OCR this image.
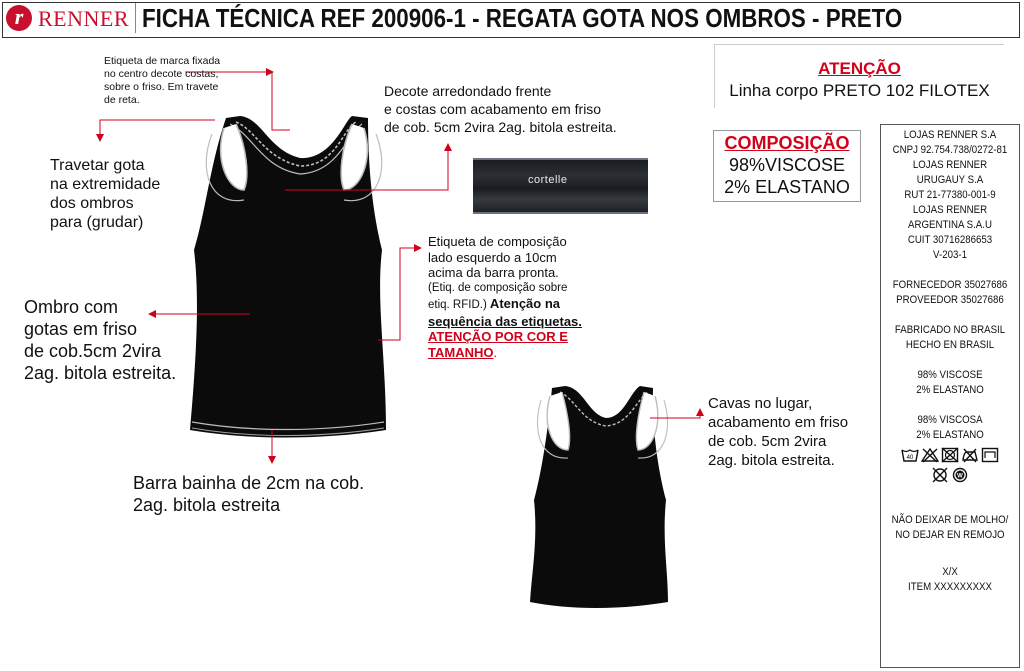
r RENNER FICHA TÉCNICA REF 200906-1 - REGATA GOTA NOS OMBROS - PRETO
Etiqueta de marca fixada
no centro decote costas,
sobre o friso. Em travete
de reta.
Decote arredondado frente
e costas com acabamento em friso
de cob. 5cm 2vira 2ag. bitola estreita.
Travetar gota
na extremidade
dos ombros
para (grudar)
Etiqueta de composição
lado esquerdo a 10cm
acima da barra pronta.
(Etiq. de composição sobre
etiq. RFID.) Atenção na
sequência das etiquetas.
ATENÇÃO POR COR E
TAMANHO.
Ombro com
gotas em friso
de cob.5cm 2vira
2ag. bitola estreita.
Barra bainha de 2cm na cob.
2ag. bitola estreita
Cavas no lugar,
acabamento em friso
de cob. 5cm 2vira
2ag. bitola estreita.
cortelle
ATENÇÃO
Linha corpo PRETO 102 FILOTEX
COMPOSIÇÃO
98%VISCOSE
2% ELASTANO
LOJAS RENNER S.A
CNPJ 92.754.738/0272-81
LOJAS RENNER
URUGAUY S.A
RUT 21-77380-001-9
LOJAS RENNER
ARGENTINA S.A.U
CUIT 30716286653
V-203-1
FORNECEDOR 35027686
PROVEEDOR 35027686
FABRICADO NO BRASIL
HECHO EN BRASIL
98% VISCOSE
2% ELASTANO
98% VISCOSA
2% ELASTANO
40
W
NÃO DEIXAR DE MOLHO/
NO DEJAR EN REMOJO
X/X
ITEM XXXXXXXXX
